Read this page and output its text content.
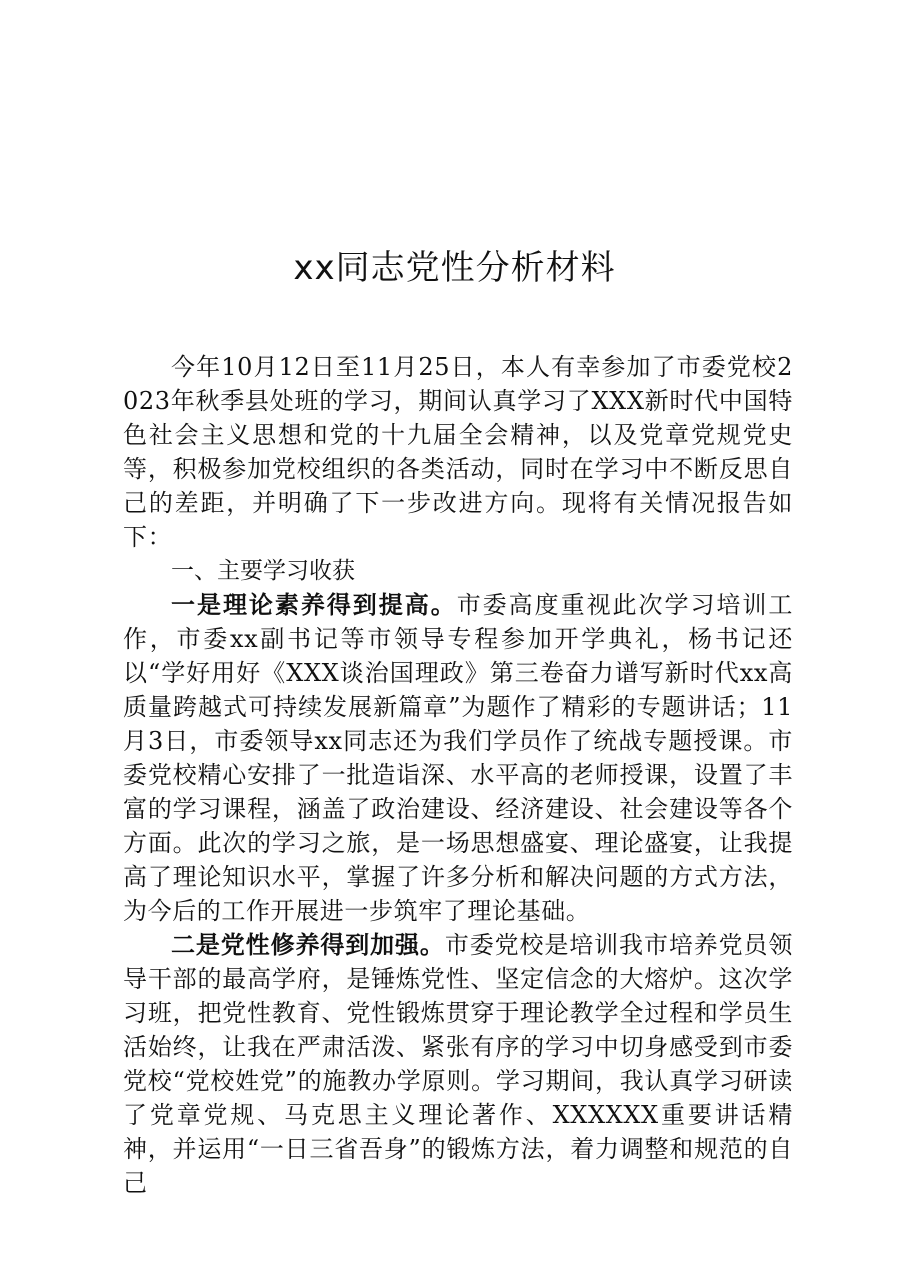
xx同志党性分析材料

今年10月12日至11月25日，本人有幸参加了市委党校2023年秋季县处班的学习，期间认真学习了XXX新时代中国特色社会主义思想和党的十九届全会精神，以及党章党规党史等，积极参加党校组织的各类活动，同时在学习中不断反思自己的差距，并明确了下一步改进方向。现将有关情况报告如下：

一、主要学习收获

一是理论素养得到提高。市委高度重视此次学习培训工作，市委xx副书记等市领导专程参加开学典礼，杨书记还以“学好用好《XXX谈治国理政》第三卷奋力谱写新时代xx高质量跨越式可持续发展新篇章”为题作了精彩的专题讲话；11月3日，市委领导xx同志还为我们学员作了统战专题授课。市委党校精心安排了一批造诣深、水平高的老师授课，设置了丰富的学习课程，涵盖了政治建设、经济建设、社会建设等各个方面。此次的学习之旅，是一场思想盛宴、理论盛宴，让我提高了理论知识水平，掌握了许多分析和解决问题的方式方法，为今后的工作开展进一步筑牢了理论基础。

二是党性修养得到加强。市委党校是培训我市培养党员领导干部的最高学府，是锤炼党性、坚定信念的大熔炉。这次学习班，把党性教育、党性锻炼贯穿于理论教学全过程和学员生活始终，让我在严肃活泼、紧张有序的学习中切身感受到市委党校“党校姓党”的施教办学原则。学习期间，我认真学习研读了党章党规、马克思主义理论著作、XXXXXX重要讲话精神，并运用“一日三省吾身”的锻炼方法，着力调整和规范的自己
